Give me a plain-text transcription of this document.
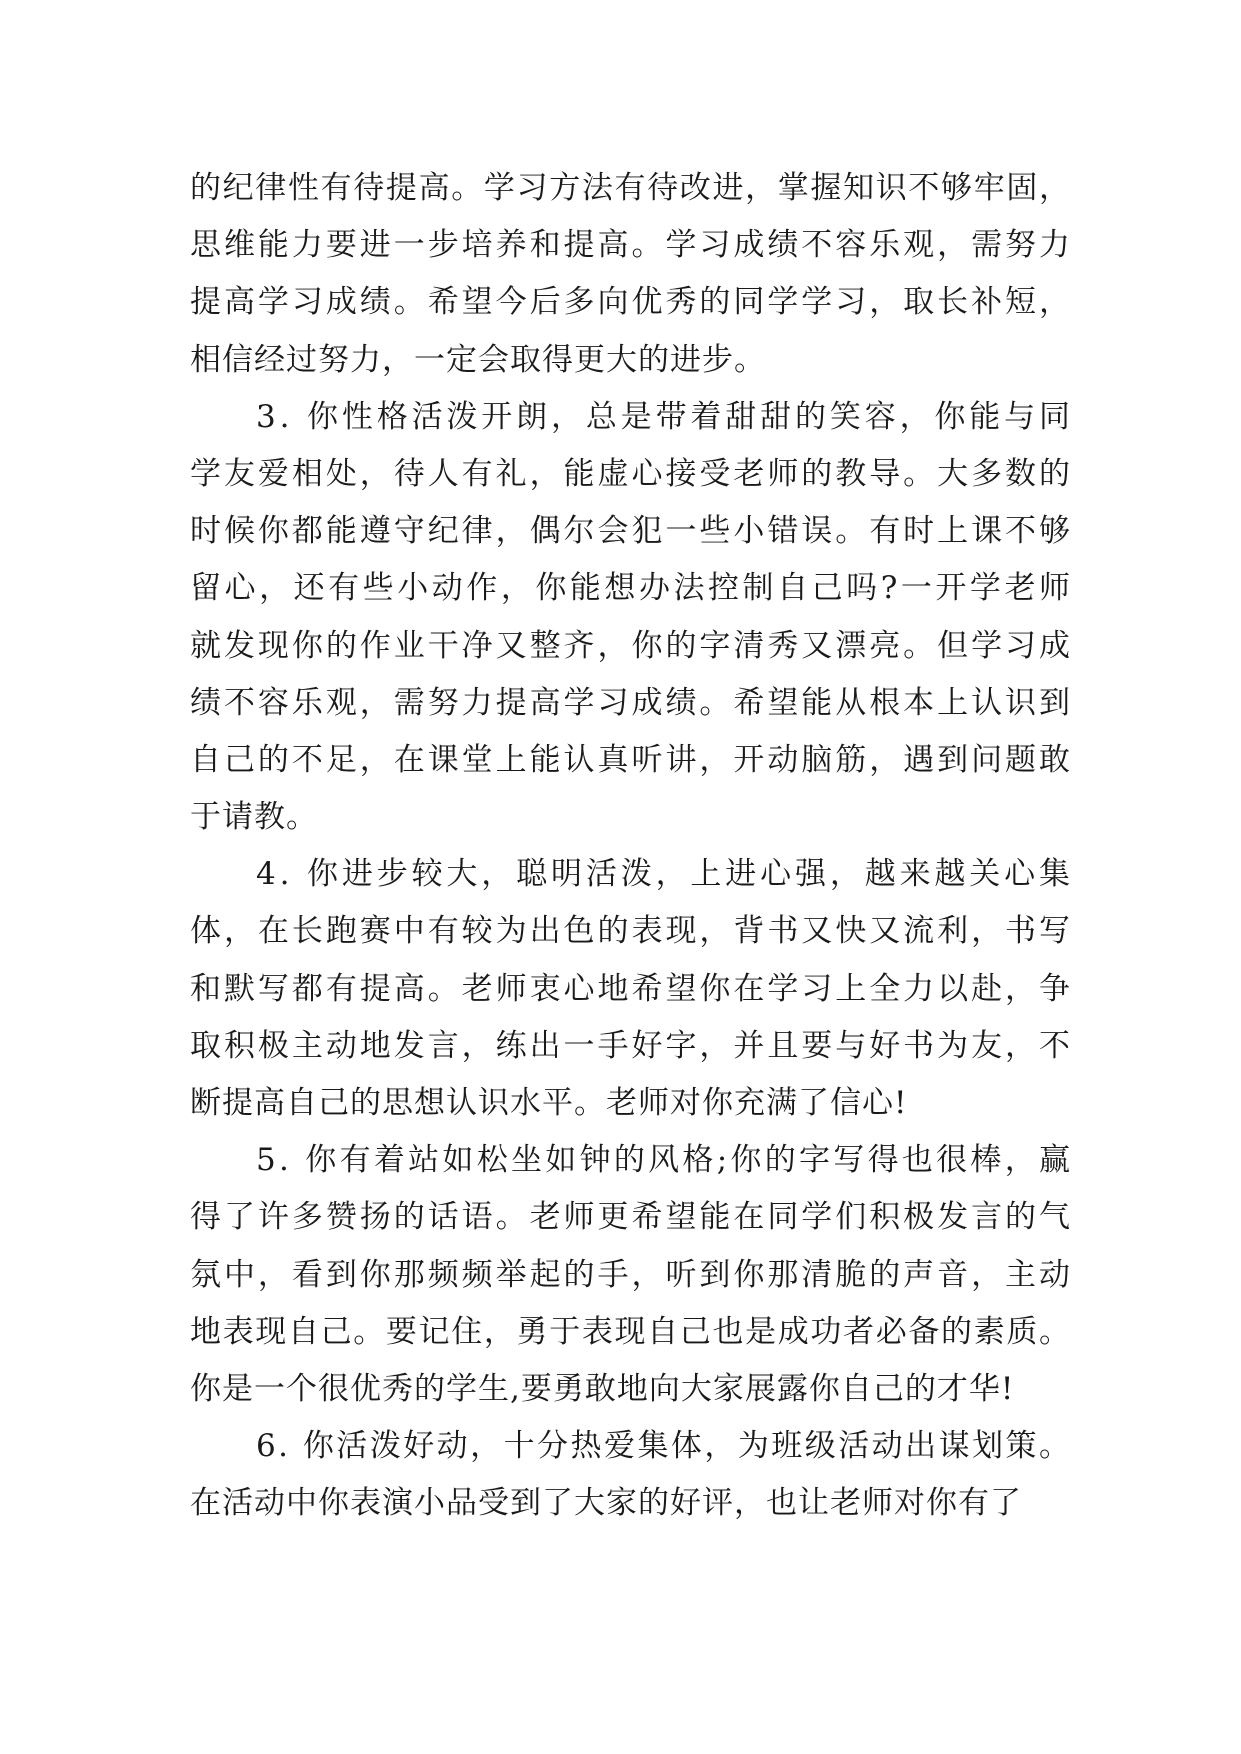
的纪律性有待提高。学习方法有待改进，掌握知识不够牢固，
思维能力要进一步培养和提高。学习成绩不容乐观，需努力
提高学习成绩。希望今后多向优秀的同学学习，取长补短，
相信经过努力，一定会取得更大的进步。
3. 你性格活泼开朗，总是带着甜甜的笑容，你能与同
学友爱相处，待人有礼，能虚心接受老师的教导。大多数的
时候你都能遵守纪律，偶尔会犯一些小错误。有时上课不够
留心，还有些小动作，你能想办法控制自己吗?一开学老师
就发现你的作业干净又整齐，你的字清秀又漂亮。但学习成
绩不容乐观，需努力提高学习成绩。希望能从根本上认识到
自己的不足，在课堂上能认真听讲，开动脑筋，遇到问题敢
于请教。
4. 你进步较大，聪明活泼，上进心强，越来越关心集
体，在长跑赛中有较为出色的表现，背书又快又流利，书写
和默写都有提高。老师衷心地希望你在学习上全力以赴，争
取积极主动地发言，练出一手好字，并且要与好书为友，不
断提高自己的思想认识水平。老师对你充满了信心!
5. 你有着站如松坐如钟的风格;你的字写得也很棒，赢
得了许多赞扬的话语。老师更希望能在同学们积极发言的气
氛中，看到你那频频举起的手，听到你那清脆的声音，主动
地表现自己。要记住，勇于表现自己也是成功者必备的素质。
你是一个很优秀的学生,要勇敢地向大家展露你自己的才华!
6. 你活泼好动，十分热爱集体，为班级活动出谋划策。
在活动中你表演小品受到了大家的好评，也让老师对你有了
